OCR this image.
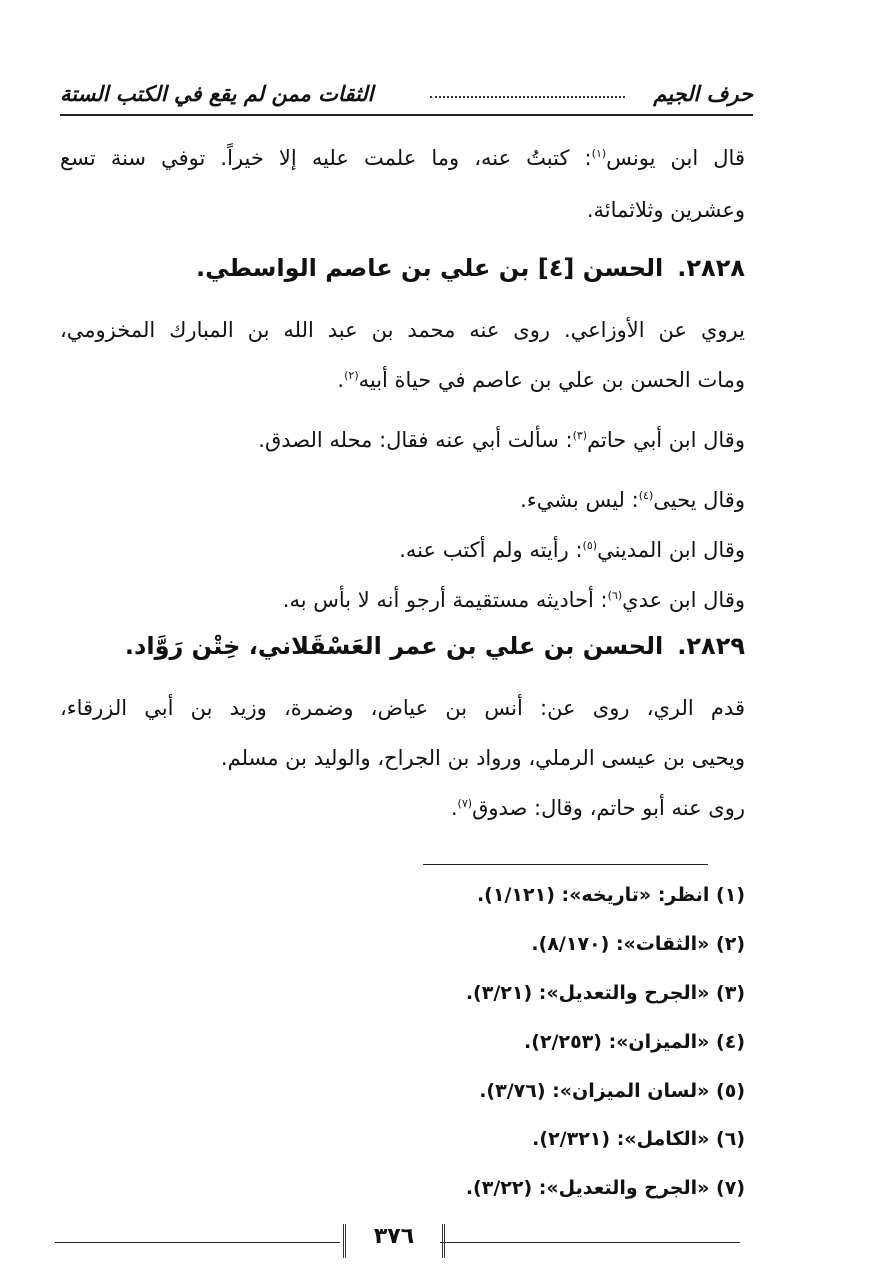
حرف الجيم
الثقات ممن لم يقع في الكتب الستة
قال ابن يونس$^{(١)}$: كتبتُ عنه، وما علمت عليه إلا خيراً. توفي سنة تسع
وعشرين وثلاثمائة.
٢٨٢٨.الحسن [٤] بن علي بن عاصم الواسطي.
يروي عن الأوزاعي. روى عنه محمد بن عبد الله بن المبارك المخزومي،
ومات الحسن بن علي بن عاصم في حياة أبيه$^{(٢)}$.
وقال ابن أبي حاتم$^{(٣)}$: سألت أبي عنه فقال: محله الصدق.
وقال يحيى$^{(٤)}$: ليس بشيء.
وقال ابن المديني$^{(٥)}$: رأيته ولم أكتب عنه.
وقال ابن عدي$^{(٦)}$: أحاديثه مستقيمة أرجو أنه لا بأس به.
٢٨٢٩.الحسن بن علي بن عمر العَسْقَلاني، خِتْن رَوَّاد.
قدم الري، روى عن: أنس بن عياض، وضمرة، وزيد بن أبي الزرقاء،
ويحيى بن عيسى الرملي، ورواد بن الجراح، والوليد بن مسلم.
روى عنه أبو حاتم، وقال: صدوق$^{(٧)}$.
(١) انظر: «تاريخه»: (١/١٢١).
(٢) «الثقات»: (٨/١٧٠).
(٣) «الجرح والتعديل»: (٣/٢١).
(٤) «الميزان»: (٢/٢٥٣).
(٥) «لسان الميزان»: (٣/٧٦).
(٦) «الكامل»: (٢/٣٢١).
(٧) «الجرح والتعديل»: (٣/٢٢).
٣٧٦
